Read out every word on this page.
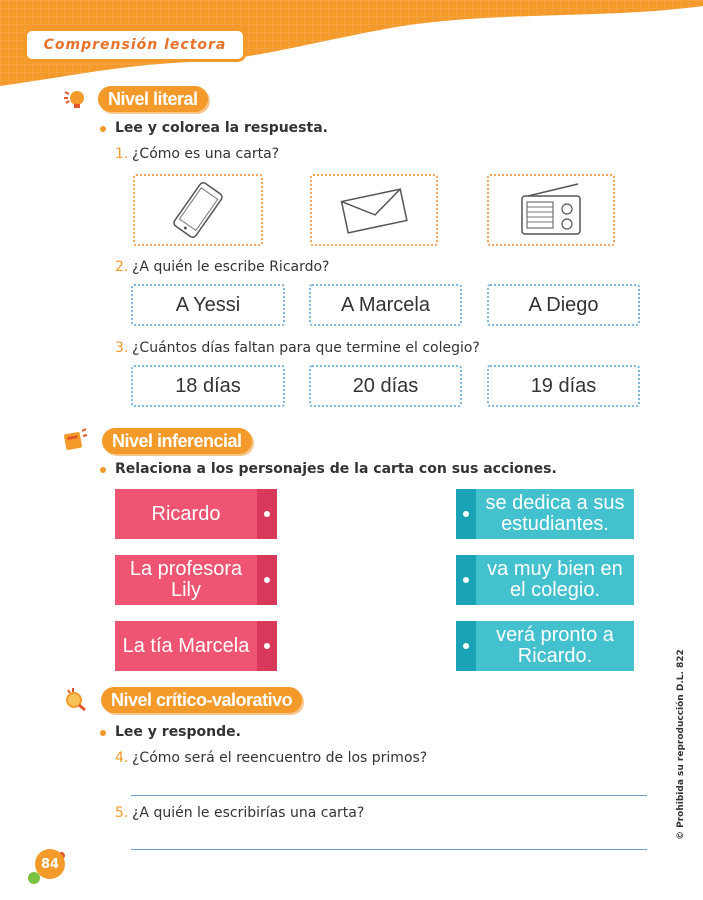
Comprensión lectora
Nivel literal
Lee y colorea la respuesta.
1. ¿Cómo es una carta?
2. ¿A quién le escribe Ricardo?
A Yessi	A Marcela	A Diego
3. ¿Cuántos días faltan para que termine el colegio?
18 días	20 días	19 días
Nivel inferencial
Relaciona a los personajes de la carta con sus acciones.
Ricardo
La profesora Lily
La tía Marcela
se dedica a sus estudiantes.
va muy bien en el colegio.
verá pronto a Ricardo.
Nivel crítico-valorativo
Lee y responde.
4. ¿Cómo será el reencuentro de los primos?
5. ¿A quién le escribirías una carta?	© Prohibida su reproducción D.L. 822
84
